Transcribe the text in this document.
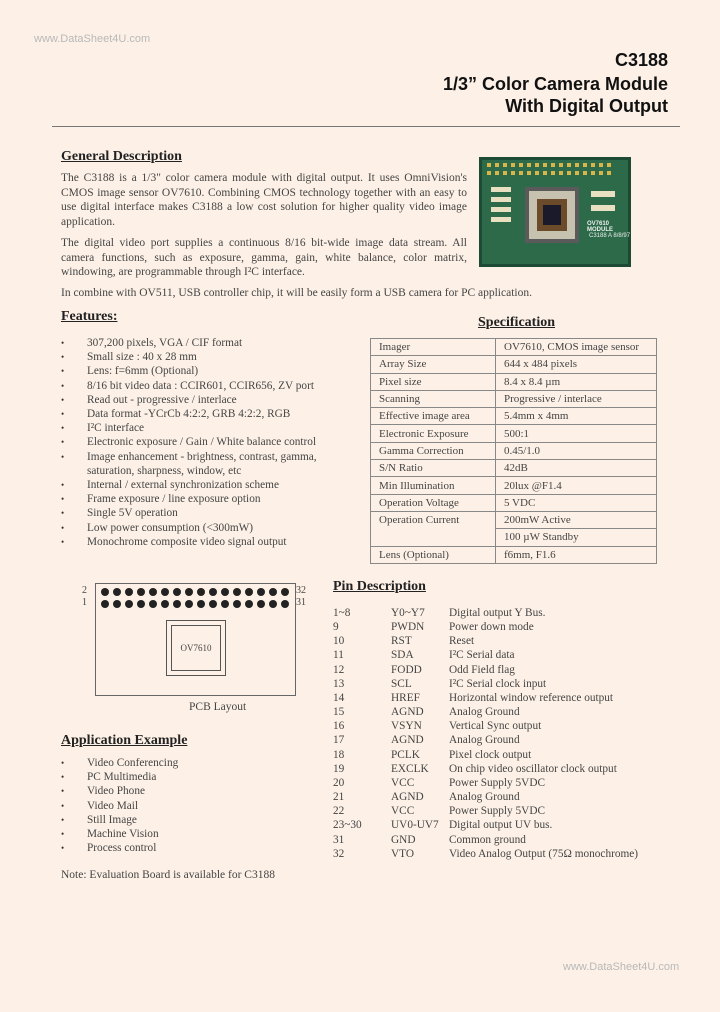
www.DataSheet4U.com
C3188
1/3” Color Camera Module
With Digital Output
General Description
The C3188 is a 1/3" color camera module with digital output. It uses OmniVision's CMOS image sensor OV7610. Combining CMOS technology together with an easy to use digital interface makes C3188 a low cost solution for higher quality video image application.
The digital video port supplies a continuous 8/16 bit-wide image data stream. All camera functions, such as exposure, gamma, gain, white balance, color matrix, windowing, are programmable through I²C interface.
In combine with OV511, USB controller chip, it will be easily form a USB camera for PC application.
OV7610 MODULE
C3188 A 8/8/97
Features:
• 307,200 pixels, VGA / CIF format
• Small size : 40 x 28 mm
• Lens: f=6mm (Optional)
• 8/16 bit video data : CCIR601, CCIR656, ZV port
• Read out - progressive / interlace
• Data format -YCrCb 4:2:2, GRB 4:2:2, RGB
• I²C interface
• Electronic exposure / Gain / White balance control
• Image enhancement - brightness, contrast, gamma, saturation, sharpness, window, etc
• Internal / external synchronization scheme
• Frame exposure / line exposure option
• Single 5V operation
• Low power consumption (<300mW)
• Monochrome composite video signal output
Specification
Imager	OV7610, CMOS image sensor
Array Size	644 x 484 pixels
Pixel size	8.4 x 8.4 µm
Scanning	Progressive / interlace
Effective image area	5.4mm x 4mm
Electronic Exposure	500:1
Gamma Correction	0.45/1.0
S/N Ratio	42dB
Min Illumination	20lux @F1.4
Operation Voltage	5 VDC
Operation Current	200mW Active
	100 µW Standby
Lens (Optional)	f6mm, F1.6
OV7610
2
1
32
31
PCB Layout
Pin Description
1~8	Y0~Y7	Digital output Y Bus.
9	PWDN	Power down mode
10	RST	Reset
11	SDA	I²C Serial data
12	FODD	Odd Field flag
13	SCL	I²C Serial clock input
14	HREF	Horizontal window reference output
15	AGND	Analog Ground
16	VSYN	Vertical Sync output
17	AGND	Analog Ground
18	PCLK	Pixel clock output
19	EXCLK	On chip video oscillator clock output
20	VCC	Power Supply 5VDC
21	AGND	Analog Ground
22	VCC	Power Supply 5VDC
23~30	UV0-UV7 Digital output UV bus.
31	GND	Common ground
32	VTO	Video Analog Output (75Ω monochrome)
Application Example
• Video Conferencing
• PC Multimedia
• Video Phone
• Video Mail
• Still Image
• Machine Vision
• Process control
Note: Evaluation Board is available for C3188
www.DataSheet4U.com
